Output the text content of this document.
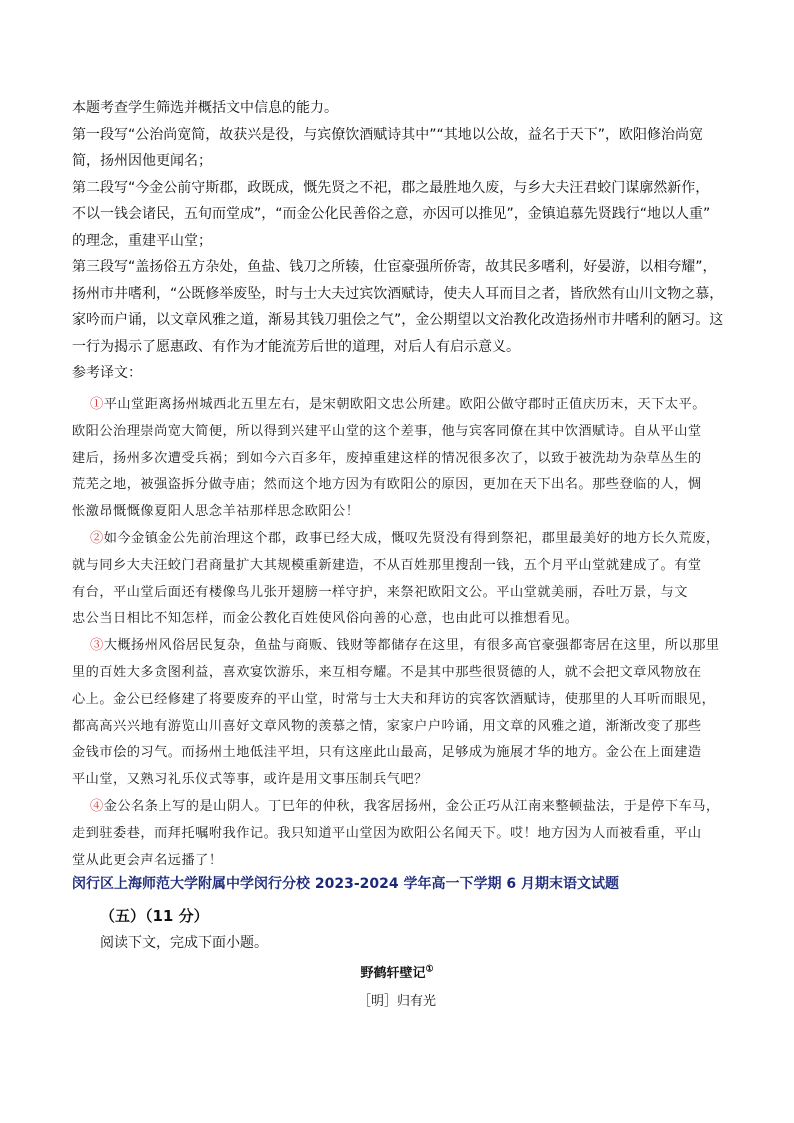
本题考查学生筛选并概括文中信息的能力。

第一段写“公治尚宽简，故获兴是役，与宾僚饮酒赋诗其中”“其地以公故，益名于天下”，欧阳修治尚宽

简，扬州因他更闻名；

第二段写“今金公前守斯郡，政既成，慨先贤之不祀，郡之最胜地久废，与乡大夫汪君蛟门谋廓然新作，

不以一钱会诸民，五旬而堂成”，“而金公化民善俗之意，亦因可以推见”，金镇追慕先贤践行“地以人重”

的理念，重建平山堂；

第三段写“盖扬俗五方杂处，鱼盐、钱刀之所辏，仕宦豪强所侨寄，故其民多嗜利，好晏游，以相夸耀”，

扬州市井嗜利，“公既修举废坠，时与士大夫过宾饮酒赋诗，使夫人耳而目之者，皆欣然有山川文物之慕，

家吟而户诵，以文章风雅之道，渐易其钱刀驵侩之气”，金公期望以文治教化改造扬州市井嗜利的陋习。这

一行为揭示了愿惠政、有作为才能流芳后世的道理，对后人有启示意义。

参考译文：

①平山堂距离扬州城西北五里左右，是宋朝欧阳文忠公所建。欧阳公做守郡时正值庆历末，天下太平。

欧阳公治理崇尚宽大简便，所以得到兴建平山堂的这个差事，他与宾客同僚在其中饮酒赋诗。自从平山堂

建后，扬州多次遭受兵祸；到如今六百多年，废掉重建这样的情况很多次了，以致于被洗劫为杂草丛生的

荒芜之地，被强盗拆分做寺庙；然而这个地方因为有欧阳公的原因，更加在天下出名。那些登临的人，惆

怅激昂慨慨像夏阳人思念羊祜那样思念欧阳公！

②如今金镇金公先前治理这个郡，政事已经大成，慨叹先贤没有得到祭祀，郡里最美好的地方长久荒废，

就与同乡大夫汪蛟门君商量扩大其规模重新建造，不从百姓那里搜刮一钱，五个月平山堂就建成了。有堂

有台，平山堂后面还有楼像鸟儿张开翅膀一样守护，来祭祀欧阳文公。平山堂就美丽，吞吐万景，与文

忠公当日相比不知怎样，而金公教化百姓使风俗向善的心意，也由此可以推想看见。

③大概扬州风俗居民复杂，鱼盐与商贩、钱财等都储存在这里，有很多高官豪强都寄居在这里，所以那里

里的百姓大多贪图利益，喜欢宴饮游乐，来互相夸耀。不是其中那些很贤德的人，就不会把文章风物放在

心上。金公已经修建了将要废弃的平山堂，时常与士大夫和拜访的宾客饮酒赋诗，使那里的人耳听而眼见，

都高高兴兴地有游览山川喜好文章风物的羡慕之情，家家户户吟诵，用文章的风雅之道，渐渐改变了那些

金钱市侩的习气。而扬州土地低洼平坦，只有这座此山最高，足够成为施展才华的地方。金公在上面建造

平山堂，又熟习礼乐仪式等事，或许是用文事压制兵气吧？

④金公名条上写的是山阴人。丁巳年的仲秋，我客居扬州，金公正巧从江南来整顿盐法，于是停下车马，

走到驻委巷，而拜托嘱咐我作记。我只知道平山堂因为欧阳公名闻天下。哎！地方因为人而被看重，平山

堂从此更会声名远播了！

闵行区上海师范大学附属中学闵行分校 2023-2024 学年高一下学期 6 月期末语文试题
（五）（11 分）
阅读下文，完成下面小题。
野鹤轩壁记①
［明］归有光
